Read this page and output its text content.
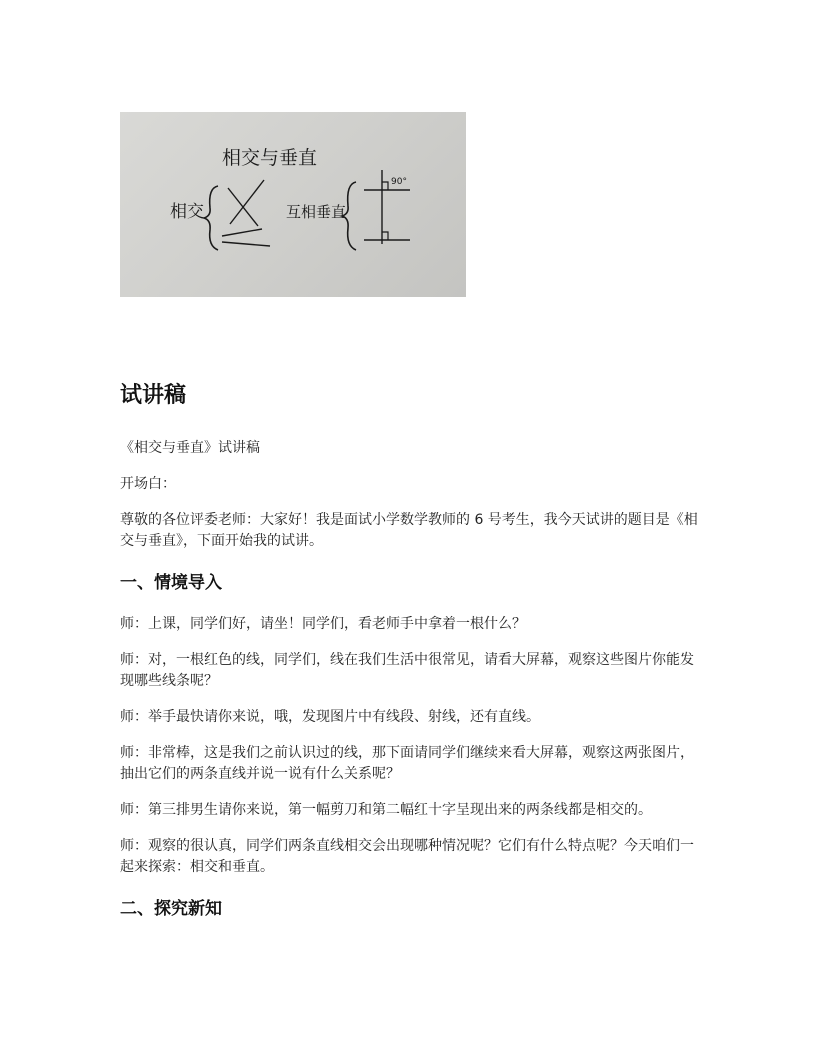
相交与垂直
相交	互相垂直
90°
试讲稿

《相交与垂直》试讲稿

开场白：

尊敬的各位评委老师：大家好！我是面试小学数学教师的 6 号考生，我今天试讲的题目是《相交与垂直》，下面开始我的试讲。

一、情境导入

师：上课，同学们好，请坐！同学们，看老师手中拿着一根什么？

师：对，一根红色的线，同学们，线在我们生活中很常见，请看大屏幕，观察这些图片你能发现哪些线条呢？

师：举手最快请你来说，哦，发现图片中有线段、射线，还有直线。

师：非常棒，这是我们之前认识过的线，那下面请同学们继续来看大屏幕，观察这两张图片，抽出它们的两条直线并说一说有什么关系呢？

师：第三排男生请你来说，第一幅剪刀和第二幅红十字呈现出来的两条线都是相交的。

师：观察的很认真，同学们两条直线相交会出现哪种情况呢？它们有什么特点呢？今天咱们一起来探索：相交和垂直。

二、探究新知
